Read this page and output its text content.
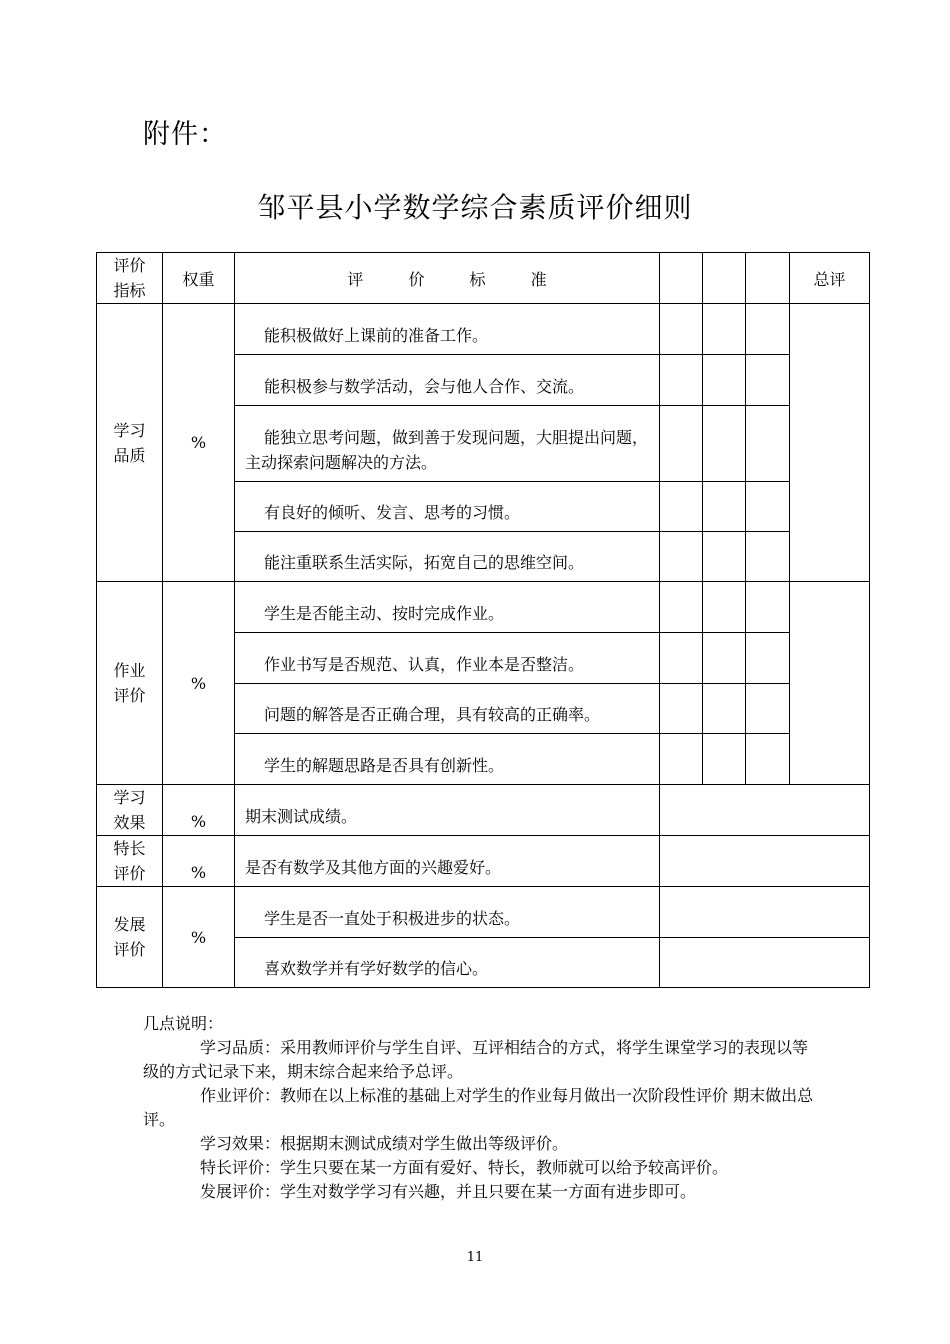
附件：
邹平县小学数学综合素质评价细则
评价
指标	权重	评 价 标 准				总评

学习
品质	%	能积极做好上课前的准备工作。				

		能积极参与数学活动，会与他人合作、交流。				

		能独立思考问题，做到善于发现问题，大胆提出问题，主动探索问题解决的方法。				

		有良好的倾听、发言、思考的习惯。				

		能注重联系生活实际，拓宽自己的思维空间。				

作业
评价	%	学生是否能主动、按时完成作业。				

		作业书写是否规范、认真，作业本是否整洁。				

		问题的解答是否正确合理，具有较高的正确率。				

		学生的解题思路是否具有创新性。				

学习
效果	%	期末测试成绩。				

特长
评价	%	是否有数学及其他方面的兴趣爱好。				

发展
评价	%	学生是否一直处于积极进步的状态。				

		喜欢数学并有学好数学的信心。				

几点说明：

学习品质：采用教师评价与学生自评、互评相结合的方式，将学生课堂学习的表现以等级的方式记录下来，期末综合起来给予总评。

作业评价：教师在以上标准的基础上对学生的作业每月做出一次阶段性评价 期末做出总评。

学习效果：根据期末测试成绩对学生做出等级评价。

特长评价：学生只要在某一方面有爱好、特长，教师就可以给予较高评价。

发展评价：学生对数学学习有兴趣，并且只要在某一方面有进步即可。

11
